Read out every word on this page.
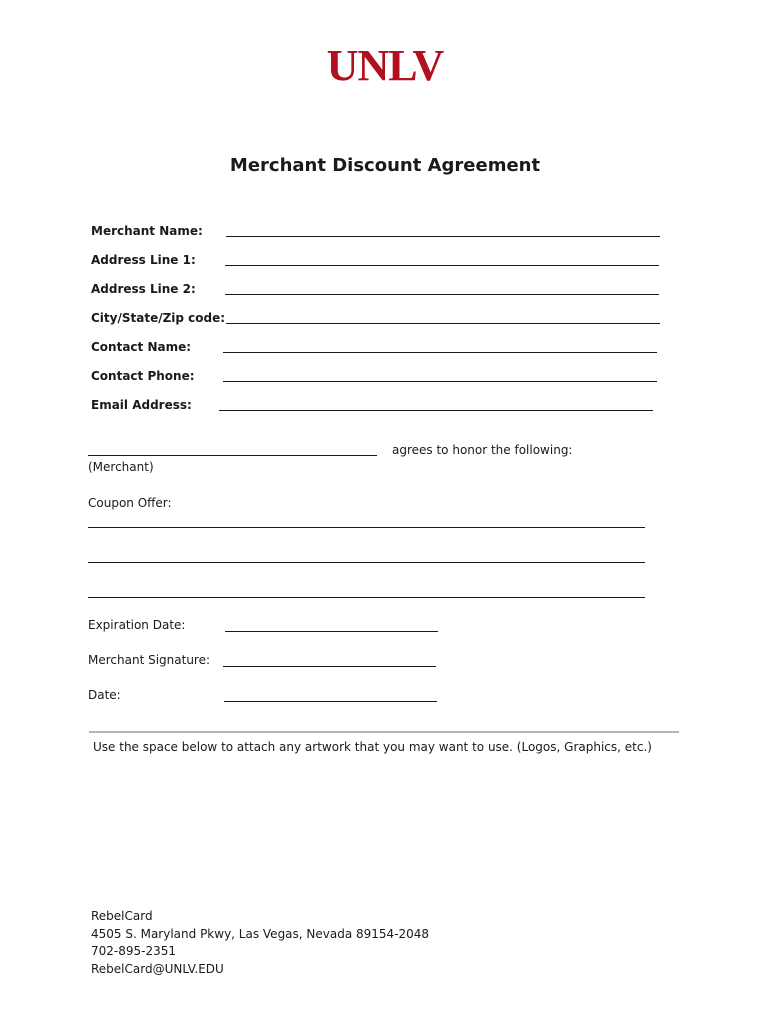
UNLV
Merchant Discount Agreement
Merchant Name:
Address Line 1:
Address Line 2:
City/State/Zip code:
Contact Name:
Contact Phone:
Email Address:
agrees to honor the following:
(Merchant)
Coupon Offer:
Expiration Date:
Merchant Signature:
Date:
Use the space below to attach any artwork that you may want to use. (Logos, Graphics, etc.)
RebelCard
4505 S. Maryland Pkwy, Las Vegas, Nevada 89154-2048
702-895-2351
RebelCard@UNLV.EDU
